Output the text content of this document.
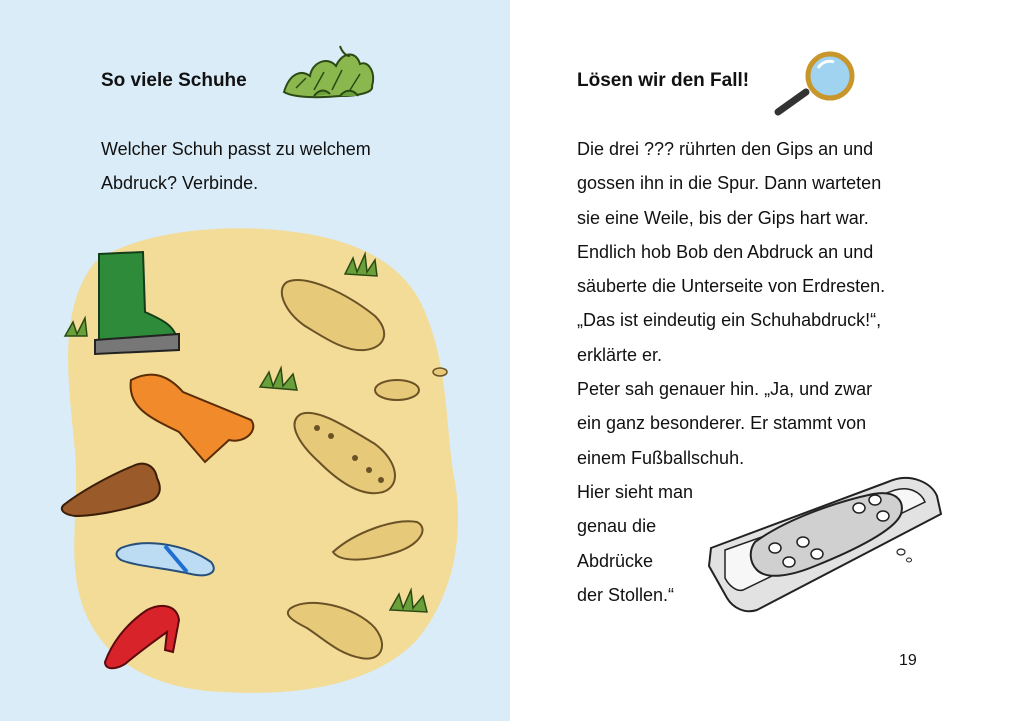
So viele Schuhe

Welcher Schuh passt zu welchem
Abdruck? Verbinde.

Lösen wir den Fall!

Die drei ??? rührten den Gips an und
gossen ihn in die Spur. Dann warteten
sie eine Weile, bis der Gips hart war.
Endlich hob Bob den Abdruck an und
säuberte die Unterseite von Erdresten.
„Das ist eindeutig ein Schuhabdruck!“,
erklärte er.
Peter sah genauer hin. „Ja, und zwar
ein ganz besonderer. Er stammt von
einem Fußballschuh.
Hier sieht man
genau die
Abdrücke
der Stollen.“

19
